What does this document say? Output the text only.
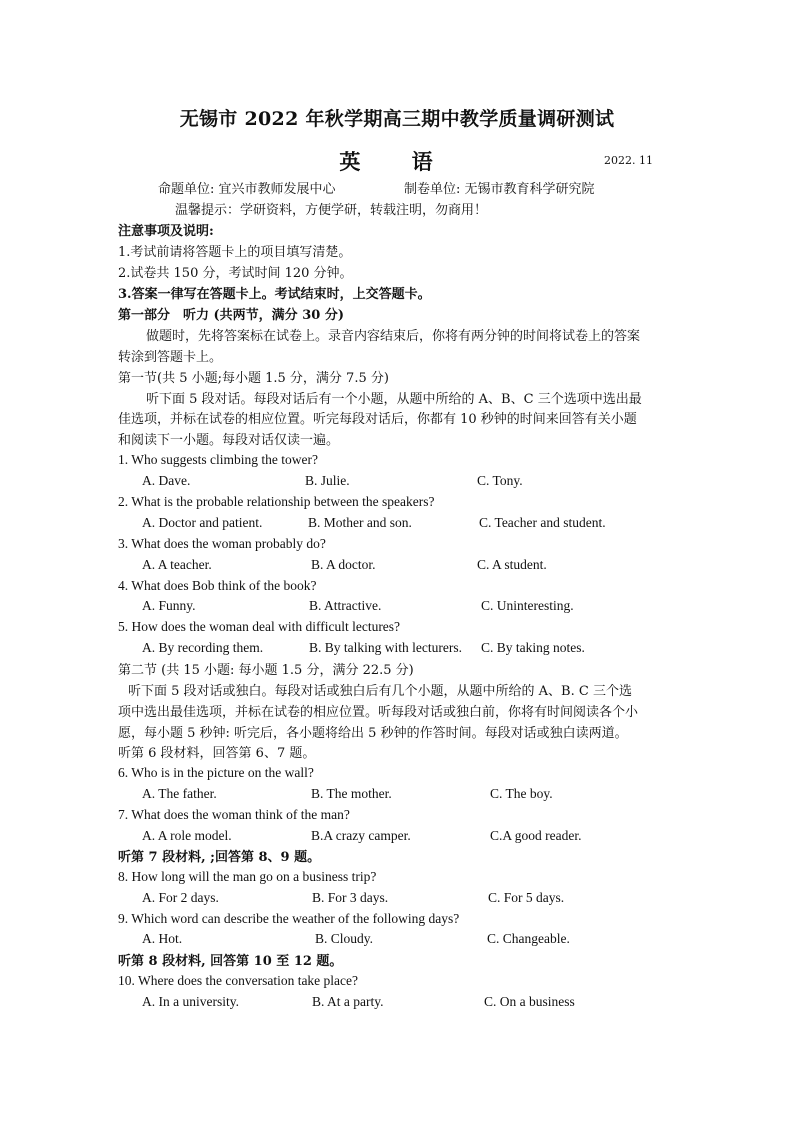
无锡市 2022 年秋学期高三期中教学质量调研测试
英 语	2022. 11
命题单位: 宜兴市教师发展中心	制卷单位: 无锡市教育科学研究院
温馨提示：学研资料，方便学研，转载注明，勿商用！
注意事项及说明:
1.考试前请将答题卡上的项目填写清楚。
2.试卷共 150 分，考试时间 120 分钟。
3.答案一律写在答题卡上。考试结束时，上交答题卡。
第一部分　听力 (共两节，满分 30 分)
做题时，先将答案标在试卷上。录音内容结束后，你将有两分钟的时间将试卷上的答案
转涂到答题卡上。
第一节(共 5 小题;每小题 1.5 分，满分 7.5 分)
听下面 5 段对话。每段对话后有一个小题，从题中所给的 A、B、C 三个选项中选出最
佳选项，并标在试卷的相应位置。听完每段对话后，你都有 10 秒钟的时间来回答有关小题
和阅读下一小题。每段对话仅读一遍。
1. Who suggests climbing the tower?
A. Dave.	B. Julie.	C. Tony.
2. What is the probable relationship between the speakers?
A. Doctor and patient.	B. Mother and son.	C. Teacher and student.
3. What does the woman probably do?
A. A teacher.	B. A doctor.	C. A student.
4. What does Bob think of the book?
A. Funny.	B. Attractive.	C. Uninteresting.
5. How does the woman deal with difficult lectures?
A. By recording them.	B. By talking with lecturers. C. By taking notes.
第二节 (共 15 小题: 每小题 1.5 分，满分 22.5 分)
听下面 5 段对话或独白。每段对话或独白后有几个小题，从题中所给的 A、B. C 三个选
项中选出最佳选项，并标在试卷的相应位置。听每段对话或独白前，你将有时间阅读各个小
愿，每小题 5 秒钟: 听完后，各小题将给出 5 秒钟的作答时间。每段对话或独白读两道。
听第 6 段材料，回答第 6、7 题。
6. Who is in the picture on the wall?
A. The father.	B. The mother.	C. The boy.
7. What does the woman think of the man?
A. A role model.	B.A crazy camper.	C.A good reader.
听第 7 段材料, ;回答第 8、9 题。
8. How long will the man go on a business trip?
A. For 2 days.	B. For 3 days.	C. For 5 days.
9. Which word can describe the weather of the following days?
A. Hot.	B. Cloudy.	C. Changeable.
听第 8 段材料, 回答第 10 至 12 题。
10. Where does the conversation take place?
A. In a university.	B. At a party.	C. On a business
